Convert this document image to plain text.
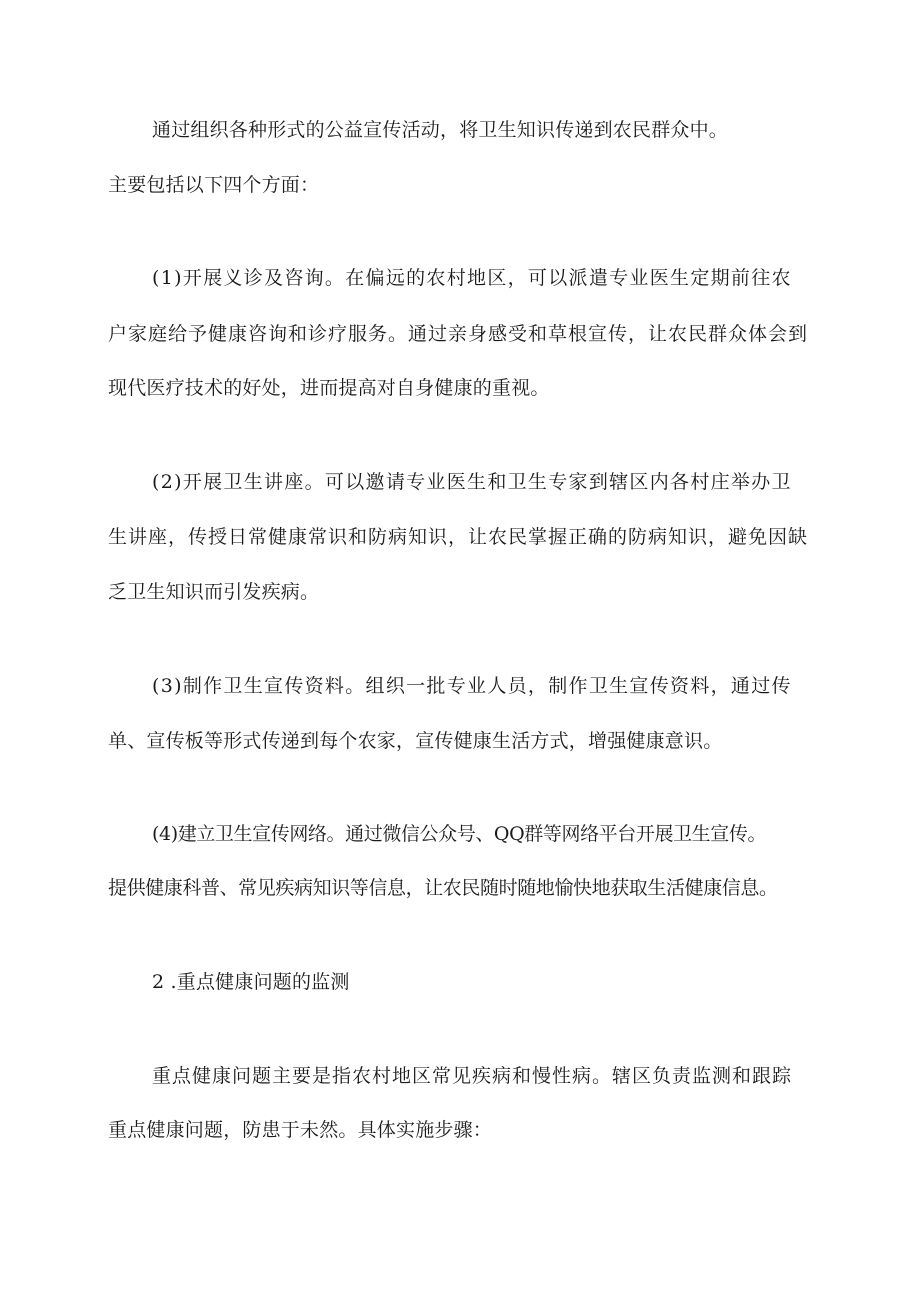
通过组织各种形式的公益宣传活动，将卫生知识传递到农民群众中。
主要包括以下四个方面：
(1)开展义诊及咨询。在偏远的农村地区，可以派遣专业医生定期前往农
户家庭给予健康咨询和诊疗服务。通过亲身感受和草根宣传，让农民群众体会到
现代医疗技术的好处，进而提高对自身健康的重视。
(2)开展卫生讲座。可以邀请专业医生和卫生专家到辖区内各村庄举办卫
生讲座，传授日常健康常识和防病知识，让农民掌握正确的防病知识，避免因缺
乏卫生知识而引发疾病。
(3)制作卫生宣传资料。组织一批专业人员，制作卫生宣传资料，通过传
单、宣传板等形式传递到每个农家，宣传健康生活方式，增强健康意识。
(4)建立卫生宣传网络。通过微信公众号、QQ群等网络平台开展卫生宣传。
提供健康科普、常见疾病知识等信息，让农民随时随地愉快地获取生活健康信息。
2 .重点健康问题的监测
重点健康问题主要是指农村地区常见疾病和慢性病。辖区负责监测和跟踪
重点健康问题，防患于未然。具体实施步骤：
